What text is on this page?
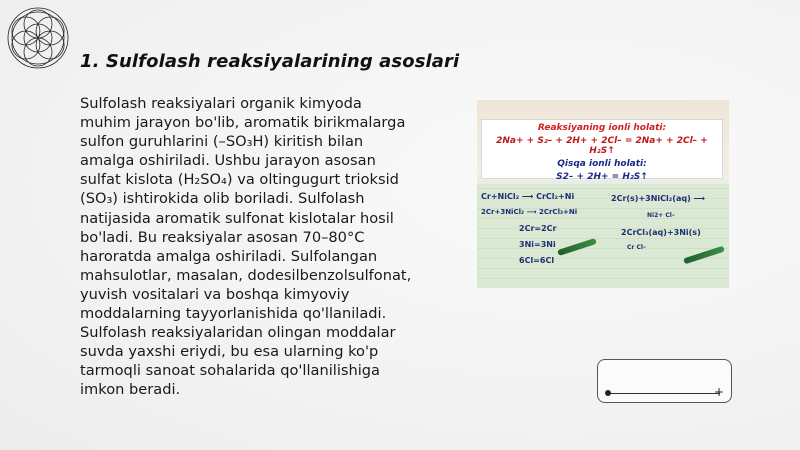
1. Sulfolash reaksiyalarining asoslari

Sulfolash reaksiyalari organik kimyoda

muhim jarayon bo'lib, aromatik birikmalarga

sulfon guruhlarini (–SO₃H) kiritish bilan

amalga oshiriladi. Ushbu jarayon asosan

sulfat kislota (H₂SO₄) va oltingugurt trioksid

(SO₃) ishtirokida olib boriladi. Sulfolash

natijasida aromatik sulfonat kislotalar hosil

bo'ladi. Bu reaksiyalar asosan 70–80°C

haroratda amalga oshiriladi. Sulfolangan

mahsulotlar, masalan, dodesilbenzolsulfonat,

yuvish vositalari va boshqa kimyoviy

moddalarning tayyorlanishida qo'llaniladi.

Sulfolash reaksiyalaridan olingan moddalar

suvda yaxshi eriydi, bu esa ularning ko'p

tarmoqli sanoat sohalarida qo'llanilishiga

imkon beradi.

Reaksiyaning ionli holati:
2Na+ + S₂– + 2H+ + 2Cl– = 2Na+ + 2Cl– + H₂S↑
Qisqa ionli holati:
S2– + 2H+ = H₂S↑
Cr+NiCl₂ ⟶ CrCl₂+Ni
2Cr+3NiCl₂ ⟶ 2CrCl₃+Ni
2Cr=2Cr
3Ni=3Ni
6Cl=6Cl
2Cr(s)+3NiCl₂(aq) ⟶
Ni2+ Cl–
2CrCl₃(aq)+3Ni(s)
Cr Cl–
+
